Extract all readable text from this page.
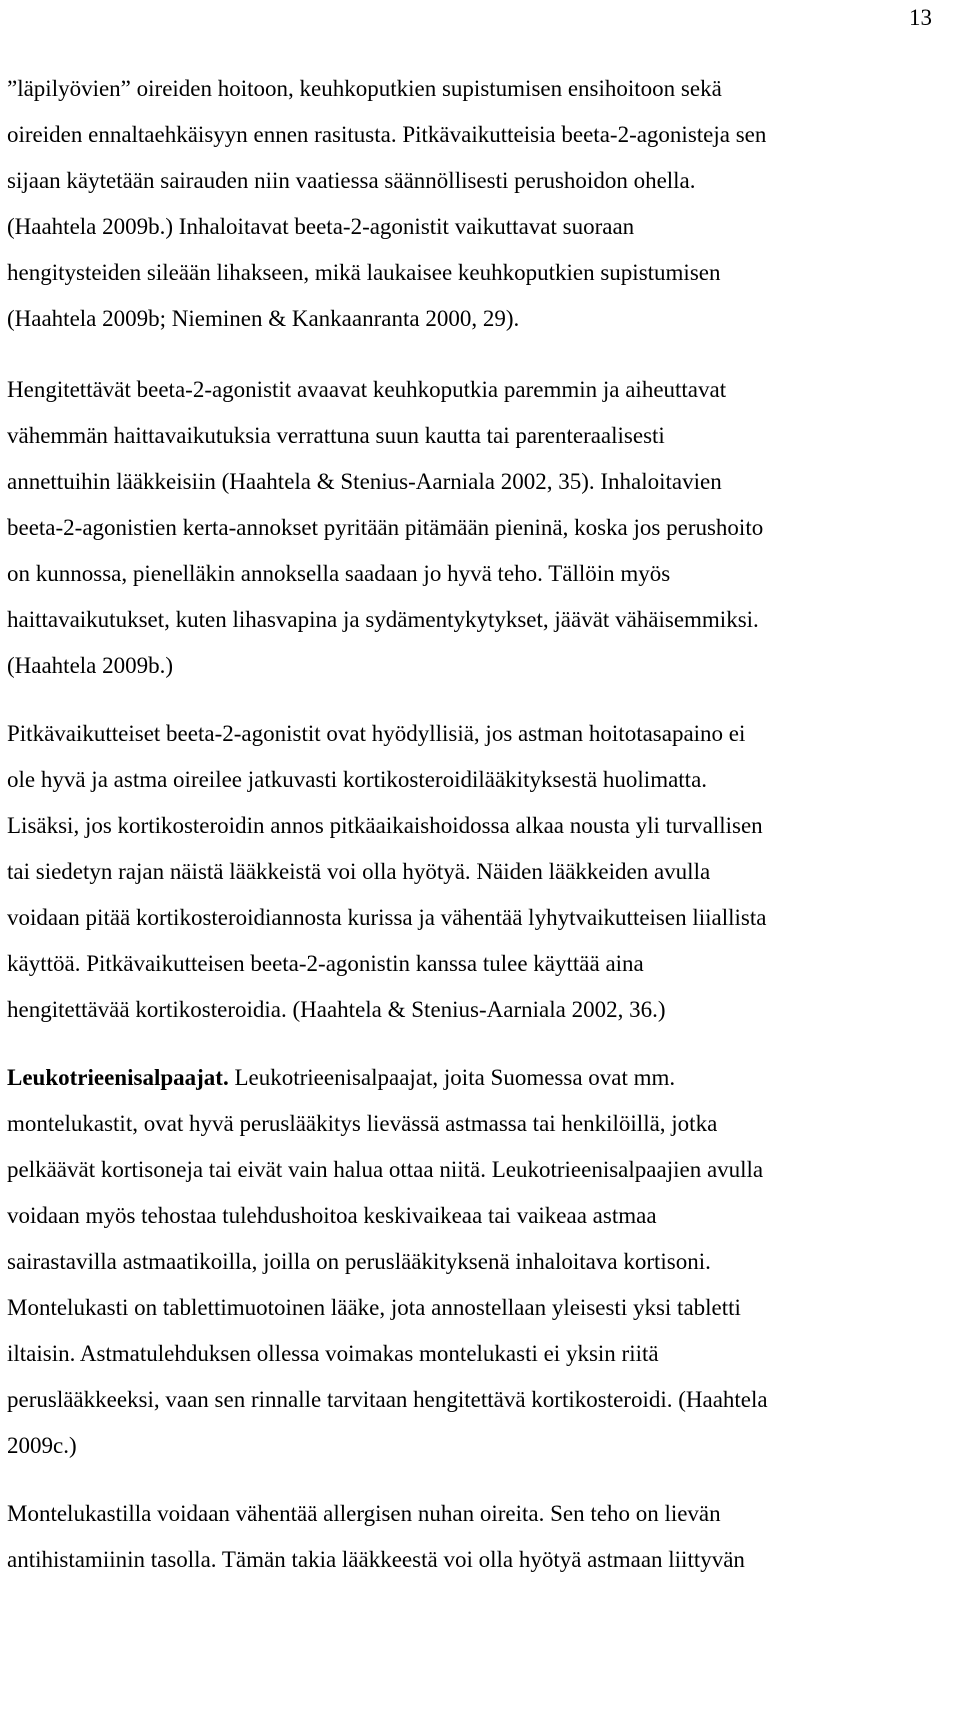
13
”läpilyövien” oireiden hoitoon, keuhkoputkien supistumisen ensihoitoon sekä
oireiden ennaltaehkäisyyn ennen rasitusta. Pitkävaikutteisia beeta-2-agonisteja sen
sijaan käytetään sairauden niin vaatiessa säännöllisesti perushoidon ohella.
(Haahtela 2009b.) Inhaloitavat beeta-2-agonistit vaikuttavat suoraan
hengitysteiden sileään lihakseen, mikä laukaisee keuhkoputkien supistumisen
(Haahtela 2009b; Nieminen & Kankaanranta 2000, 29).
Hengitettävät beeta-2-agonistit avaavat keuhkoputkia paremmin ja aiheuttavat
vähemmän haittavaikutuksia verrattuna suun kautta tai parenteraalisesti
annettuihin lääkkeisiin (Haahtela & Stenius-Aarniala 2002, 35). Inhaloitavien
beeta-2-agonistien kerta-annokset pyritään pitämään pieninä, koska jos perushoito
on kunnossa, pienelläkin annoksella saadaan jo hyvä teho. Tällöin myös
haittavaikutukset, kuten lihasvapina ja sydämentykytykset, jäävät vähäisemmiksi.
(Haahtela 2009b.)
Pitkävaikutteiset beeta-2-agonistit ovat hyödyllisiä, jos astman hoitotasapaino ei
ole hyvä ja astma oireilee jatkuvasti kortikosteroidilääkityksestä huolimatta.
Lisäksi, jos kortikosteroidin annos pitkäaikaishoidossa alkaa nousta yli turvallisen
tai siedetyn rajan näistä lääkkeistä voi olla hyötyä. Näiden lääkkeiden avulla
voidaan pitää kortikosteroidiannosta kurissa ja vähentää lyhytvaikutteisen liiallista
käyttöä. Pitkävaikutteisen beeta-2-agonistin kanssa tulee käyttää aina
hengitettävää kortikosteroidia. (Haahtela & Stenius-Aarniala 2002, 36.)
Leukotrieenisalpaajat. Leukotrieenisalpaajat, joita Suomessa ovat mm.
montelukastit, ovat hyvä peruslääkitys lievässä astmassa tai henkilöillä, jotka
pelkäävät kortisoneja tai eivät vain halua ottaa niitä. Leukotrieenisalpaajien avulla
voidaan myös tehostaa tulehdushoitoa keskivaikeaa tai vaikeaa astmaa
sairastavilla astmaatikoilla, joilla on peruslääkityksenä inhaloitava kortisoni.
Montelukasti on tablettimuotoinen lääke, jota annostellaan yleisesti yksi tabletti
iltaisin. Astmatulehduksen ollessa voimakas montelukasti ei yksin riitä
peruslääkkeeksi, vaan sen rinnalle tarvitaan hengitettävä kortikosteroidi. (Haahtela
2009c.)
Montelukastilla voidaan vähentää allergisen nuhan oireita. Sen teho on lievän
antihistamiinin tasolla. Tämän takia lääkkeestä voi olla hyötyä astmaan liittyvän
